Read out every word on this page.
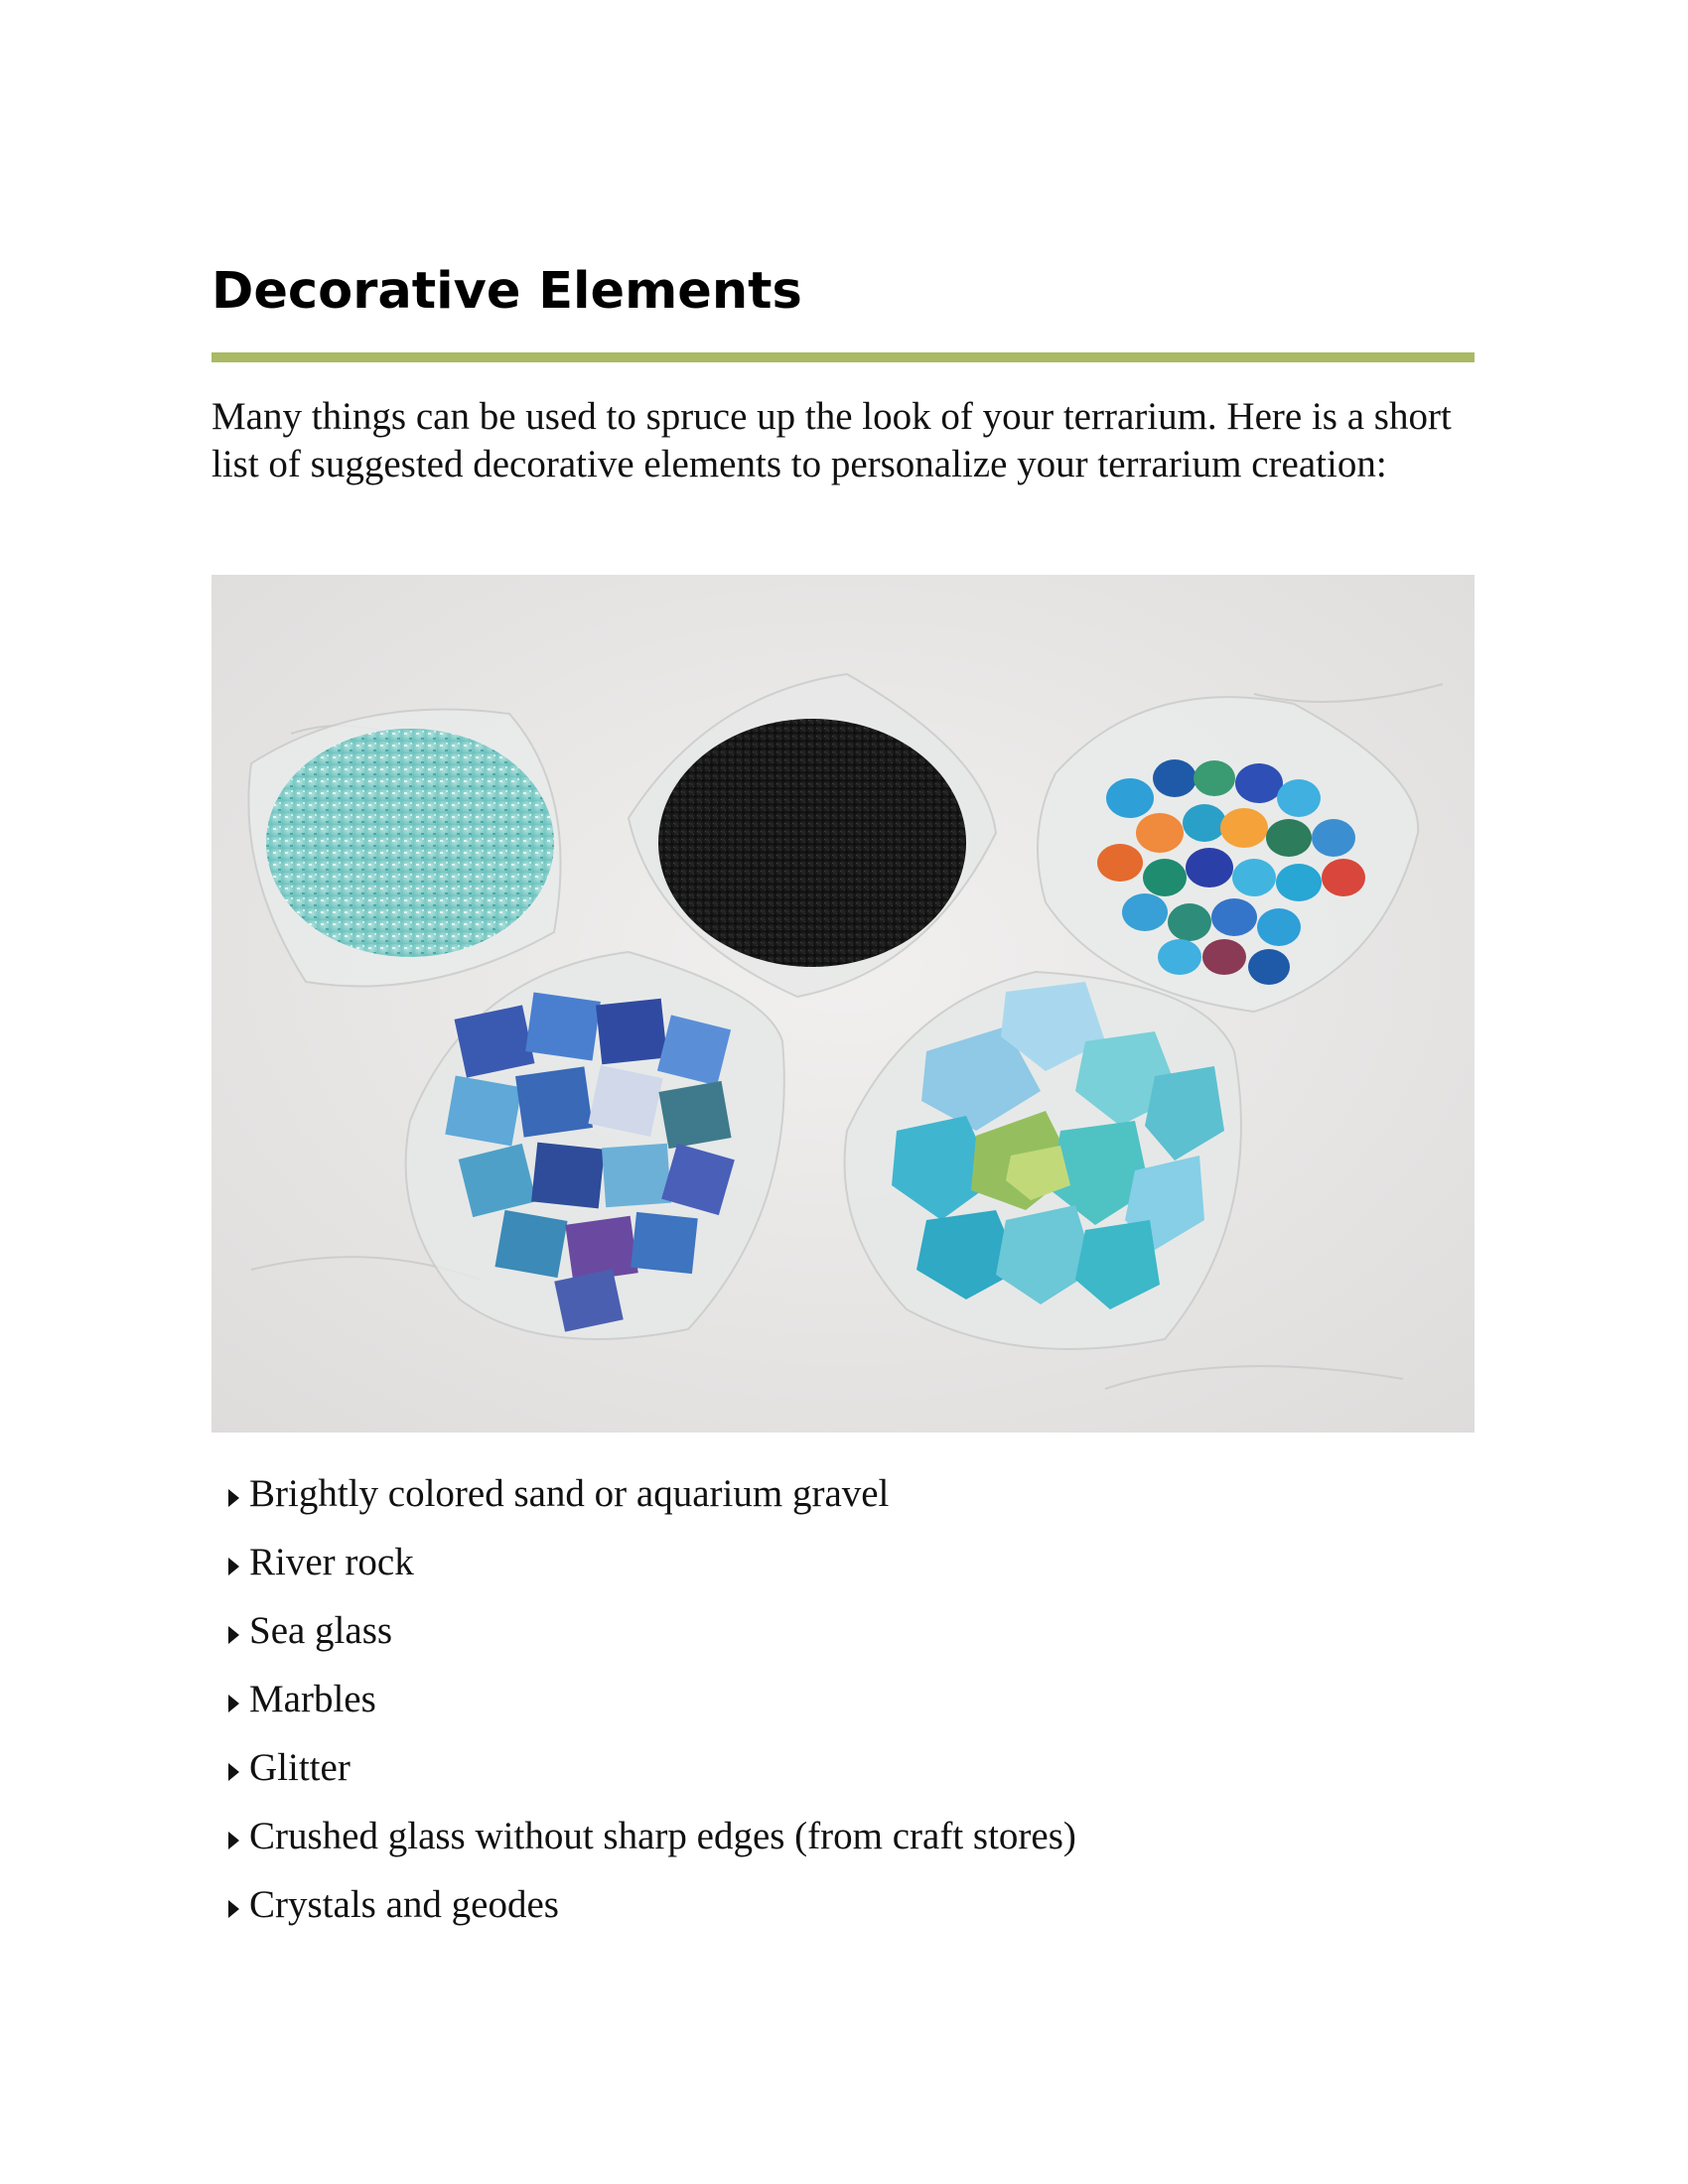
Decorative Elements

Many things can be used to spruce up the look of your terrarium. Here is a short list of suggested decorative elements to personalize your terrarium creation:

Brightly colored sand or aquarium gravel
River rock
Sea glass
Marbles
Glitter
Crushed glass without sharp edges (from craft stores)
Crystals and geodes
